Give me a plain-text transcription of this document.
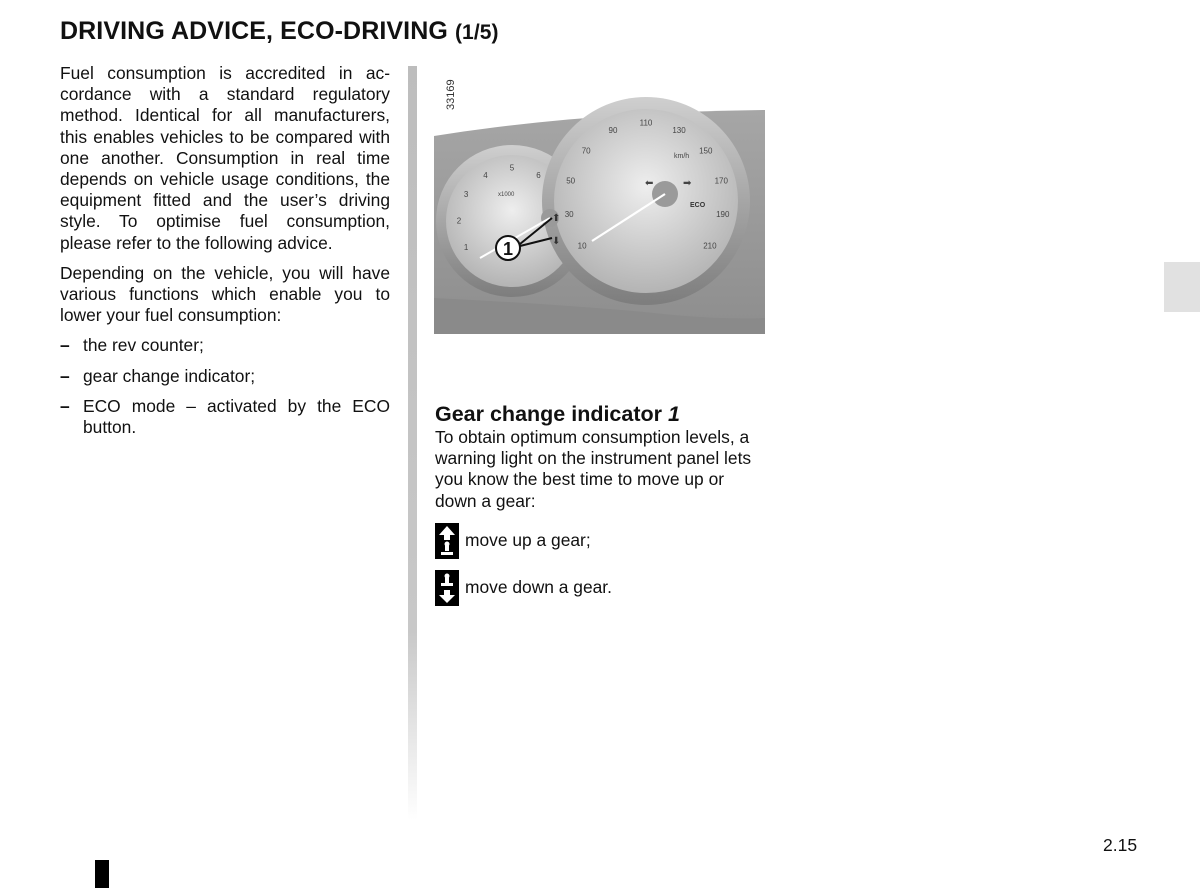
DRIVING ADVICE, ECO-DRIVING (1/5)

Fuel consumption is accredited in accordance with a standard regulatory method. Identical for all manufacturers, this enables vehicles to be compared with one another. Consumption in real time depends on vehicle usage conditions, the equipment fitted and the user’s driving style. To optimise fuel consumption, please refer to the following advice.

Depending on the vehicle, you will have various functions which enable you to lower your fuel consumption:

– the rev counter;
– gear change indicator;
– ECO mode – activated by the ECO button.
33169
1
2
3
4
5
6
x1000
10
30
50
70
90
110
130
150
170
190
210
km/h
ECO
⬅	➡
⬆
⬇
1
Gear change indicator 1

To obtain optimum consumption levels, a warning light on the instrument panel lets you know the best time to move up or down a gear:

move up a gear;
move down a gear.
2.15
